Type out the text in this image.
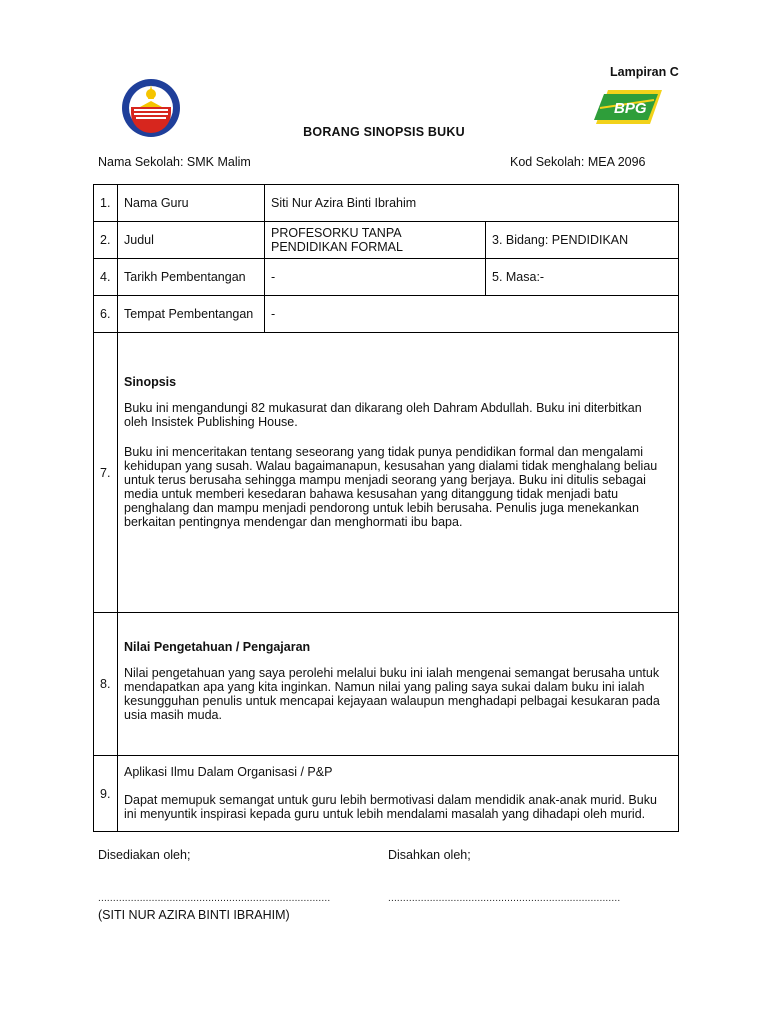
Lampiran C
BPG
BORANG SINOPSIS BUKU
Nama Sekolah: SMK Malim	Kod Sekolah: MEA 2096
1.	Nama Guru	Siti Nur Azira Binti Ibrahim	
2.	Judul	PROFESORKU TANPA PENDIDIKAN FORMAL	3. Bidang: PENDIDIKAN
4.	Tarikh Pembentangan	-	5. Masa:-
6.	Tempat Pembentangan	-	
7.	Sinopsis

Buku ini mengandungi 82 mukasurat dan dikarang oleh Dahram Abdullah. Buku ini diterbitkan oleh Insistek Publishing House.

Buku ini menceritakan tentang seseorang yang tidak punya pendidikan formal dan mengalami kehidupan yang susah. Walau bagaimanapun, kesusahan yang dialami tidak menghalang beliau untuk terus berusaha sehingga mampu menjadi seorang yang berjaya. Buku ini ditulis sebagai media untuk memberi kesedaran bahawa kesusahan yang ditanggung tidak menjadi batu penghalang dan mampu menjadi pendorong untuk lebih berusaha. Penulis juga menekankan berkaitan pentingnya mendengar dan menghormati ibu bapa.		

8.	Nilai Pengetahuan / Pengajaran

Nilai pengetahuan yang saya perolehi melalui buku ini ialah mengenai semangat berusaha untuk mendapatkan apa yang kita inginkan. Namun nilai yang paling saya sukai dalam buku ini ialah kesungguhan penulis untuk mencapai kejayaan walaupun menghadapi pelbagai kesukaran pada usia masih muda.		

9.	Aplikasi Ilmu Dalam Organisasi / P&P

Dapat memupuk semangat untuk guru lebih bermotivasi dalam mendidik anak-anak murid. Buku ini menyuntik inspirasi kepada guru untuk lebih mendalami masalah yang dihadapi oleh murid.		

Disediakan oleh;	Disahkan oleh;
..............................................................................	..............................................................................
(SITI NUR AZIRA BINTI IBRAHIM)
